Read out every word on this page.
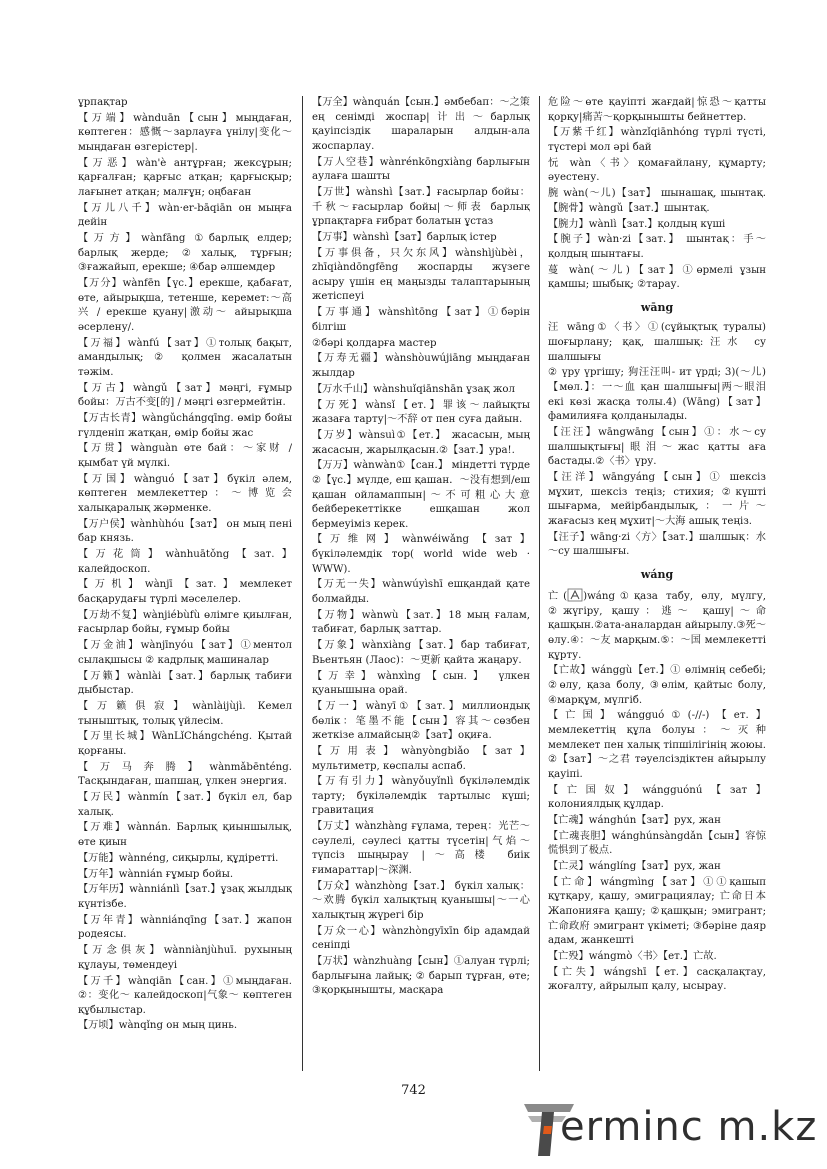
ұрпақтар
【万端】wànduān【сын】мыңдаған, көптеген：感慨～зарлауға үнілу|变化～мыңдаған өзгерістер|.
【万恶】wàn'è антұрған; жексұрын; қарғалған; қарғыс атқан; қарғысқыр; лағынет атқан; малғұн; оңбаған
【万儿八千】wàn·er-bāqiān он мыңға дейін
【万方】wànfāng ①барлық елдер; барлық жерде; ②халық, тұрғын; ③ғажайып, ерекше; ④бар әлшемдер
【万分】wànfēn【үс.】ерекше, қабағат, өте, айырықша, тетенше, керемет:～高兴 / ерекше қуану|激动～ айырықша әсерлену/.
【万福】wànfú【зат】①толық бақыт, амандылық; ② қолмен жасалатын тәжім.
【万古】wàngǔ【зат】мәңгі, ғұмыр бойы：万古不变[的] / мәңгі өзгермейтін.
【万古长青】wàngǔchángqīng. өмір бойы гүлденіп жатқан, өмір бойы жас
【万贯】wànguàn өте бай：～家财 / қымбат үй мүлкі.
【万国】wànguó【зат】бүкіл әлем, көптеген мемлекеттер：～博览会 халықаралық жәрменке.
【万户侯】wànhùhóu【зат】 он мың пені бар князь.
【万花筒】wànhuātǒng【зат.】калейдоскоп.
【万机】wànjī【зат.】мемлекет басқарудағы түрлі мәселелер.
【万劫不复】wànjiébùfù өлімге қиылған, ғасырлар бойы, ғұмыр бойы
【万金油】wànjīnyóu【зат】①ментол сылақшысы ② кадрлық машиналар
【万籁】wànlài【зат.】барлық табиғи дыбыстар.
【万籁俱寂】wànlàijùjì. Кемел тыныштық, толық үйлесім.
【万里长城】WànLǐChángchéng. Қытай қорғаны.
【万马奔腾】wànmǎbēnténg. Тасқындаған, шапшаң, үлкен энергия.
【万民】wànmín【зат.】бүкіл ел, бар халық.
【万难】wànnán. Барлық қиыншылық, өте қиын
【万能】wànnéng, сиқырлы, құдіретті.
【万年】wànnián ғұмыр бойы.
【万年历】wànniánlì【зат.】ұзақ жылдық күнтізбе.
【万年青】wànniánqīng【зат.】жапон родеясы.
【万念俱灰】wànniànjùhuī. рухының құлауы, төмендеуі
【万千】wànqiān【сан.】①мыңдаған. ②：变化～ калейдоскоп|气象～ көптеген құбылыстар.
【万顷】wànqǐng он мың цинь.
【万全】wànquán【сын.】әмбебап：～之策 ең сенімді жоспар|计出～барлық қауіпсіздік шараларын алдын-ала жоспарлау.
【万人空巷】wànrénkōngxiàng барлығын аулаға шашты
【万世】wànshì【зат.】ғасырлар бойы：千秋～ғасырлар бойы|～师表 барлық ұрпақтарға ғибрат болатын ұстаз
【万事】wànshì【зат】барлық істер
【万事俱备，只欠东风】wànshìjùbèi，zhīqiàndōngfēng жоспарды жүзеге асыру үшін ең маңызды талаптарының жетіспеуі
【万事通】wànshìtōng【зат】①бәрін білгіш
②бәрі қолдарға мастер
【万寿无疆】wànshòuwújiāng мыңдаған жылдар
【万水千山】wànshuǐqiānshān ұзақ жол
【万死】wànsǐ【ет.】罪该～лайықты жазаға тарту|～不辞 от пен суға дайын.
【万岁】wànsuì①【ет.】 жасасын, мың жасасын, жарылқасын.②【зат.】ура!.
【万万】wànwàn①【сан.】 міндетті түрде ②【үс.】мүлде, еш қашан．～没有想到/еш қашан ойламаппын|～不可粗心大意 бейберекеттікке ешқашан жол бермеуіміз керек.
【万维网】wànwéiwǎng【зат】бүкіләлемдік тор( world wide web · WWW).
【万无一失】wànwúyìshī ешқандай қате болмайды.
【万物】wànwù【зат.】18 мың ғалам, табиғат, барлық заттар.
【万象】wànxiàng【зат.】бар табиғат, Вьентьян (Лаос)：～更新 қайта жаңару.
【万幸】wànxìng【сын.】 үлкен қуанышына орай.
【万一】wànyī①【зат.】миллиондық бөлік：笔墨不能【сын】容其～сөзбен жеткізе алмайсың②【зат】оқиға.
【万用表】wànyòngbiǎo【зат】мультиметр, көспалы аспаб.
【万有引力】wànyǒuyǐnlì бүкіләлемдік тарту; бүкіләлемдік тартылыс күші; гравитация
【万丈】wànzhàng ғұлама, терең：光芒～сәулелі, сәулесі қатты түсетін|气焰～түпсіз шыңырау |～高楼 биік ғимараттар|～深渊.
【万众】wànzhòng【зат.】 бүкіл халық：～欢腾 бүкіл халықтың қуанышы|～一心 халықтың жүрегі бір
【万众一心】wànzhòngyīxīn бір адамдай сеніпді
【万状】wànzhuàng【сын】①алуан түрлі; барлығына лайық; ② барып тұрған, өте; ③қорқынышты, масқара
危险～өте қауіпті жағдай|惊恐～қатты қорқу|痛苦～қорқынышты бейнеттер.
【万紫千红】wànzǐqiānhóng түрлі түсті, түстері мол әрі бай
忨 wàn〈书〉қомағайлану, құмарту; әуестену.
腕 wàn(～儿)【зат】 шынашақ, шынтақ.【腕骨】wàngǔ【зат.】шынтақ.
【腕力】wànlì【зат.】қолдың күші
【腕子】wàn·zi【зат.】 шынтақ：手～ қолдың шынтағы.
蔓 wàn(～儿)【зат】①өрмелі ұзын қамшы; шыбық; ②тарау.
wāng
汪 wāng①〈书〉①(сұйықтық туралы) шоғырлану; қақ, шалшық:汪水 су шалшығы
② үру үргішу; 狗汪汪叫- ит үрді; 3)(～儿)【мөл.】：一～血 қан шалшығы|两～眼泪 екі көзі жасқа толы.4) (Wāng)【зат】фамилияға қолданылады.
【汪汪】wāngwāng【сын】①：水～су шалшықтығы|眼泪～жас қатты аға бастады.②〈书〉үру.
【汪洋】wāngyáng【сын】① шексіз мұхит, шексіз теңіз; стихия; ②күшті шығарма, мейірбандылық,：一片～ жағасыз кең мұхит|～大海 ашық теңіз.
【汪子】wāng·zi〈方〉【зат.】шалшық：水～су шалшығы.
wáng
亡( )wáng①қаза табу, өлу, мүлгу, ②жүгіру, қашу：逃～ қашу|～命 қашқын.②ата-аналардан айырылу.③死～өлу.④：～友 марқым.⑤：～国 мемлекетті құрту.
【亡故】wánggù【ет.】① өлімнің себебі; ②өлу, қаза болу, ③өлім, қайтыс болу, ④марқұм, мүлгіб.
【亡国】wángguó①(-//-)【ет.】 мемлекеттің құла болуы：～灭种 мемлекет пен халық тіпшілігінің жоюы. ②【зат】～之君 тәуелсіздіктен айырылу қауіпі.
【亡国奴】wángguónú【зат】колониялдық құлдар.
【亡魂】wánghún【зат】рух, жан
【亡魂丧胆】wánghúnsàngdǎn【сын】容惊慌惧到了极点.
【亡灵】wánglíng【зат】рух, жан
【亡命】wángmìng【зат】①①қашып құтқару, қашу, эмиграциялау; 亡命日本 Жапонияға қашу; ②қашқын; эмигрант; 亡命政府 эмигрант үкіметі; ③бәріне даяр адам, жанкешті
【亡殁】wángmò〈书〉【ет.】亡故.
【亡失】wángshī【ет.】сасқалақтау, жоғалту, айрылып қалу, ысырау.
742
erminc m.kz
